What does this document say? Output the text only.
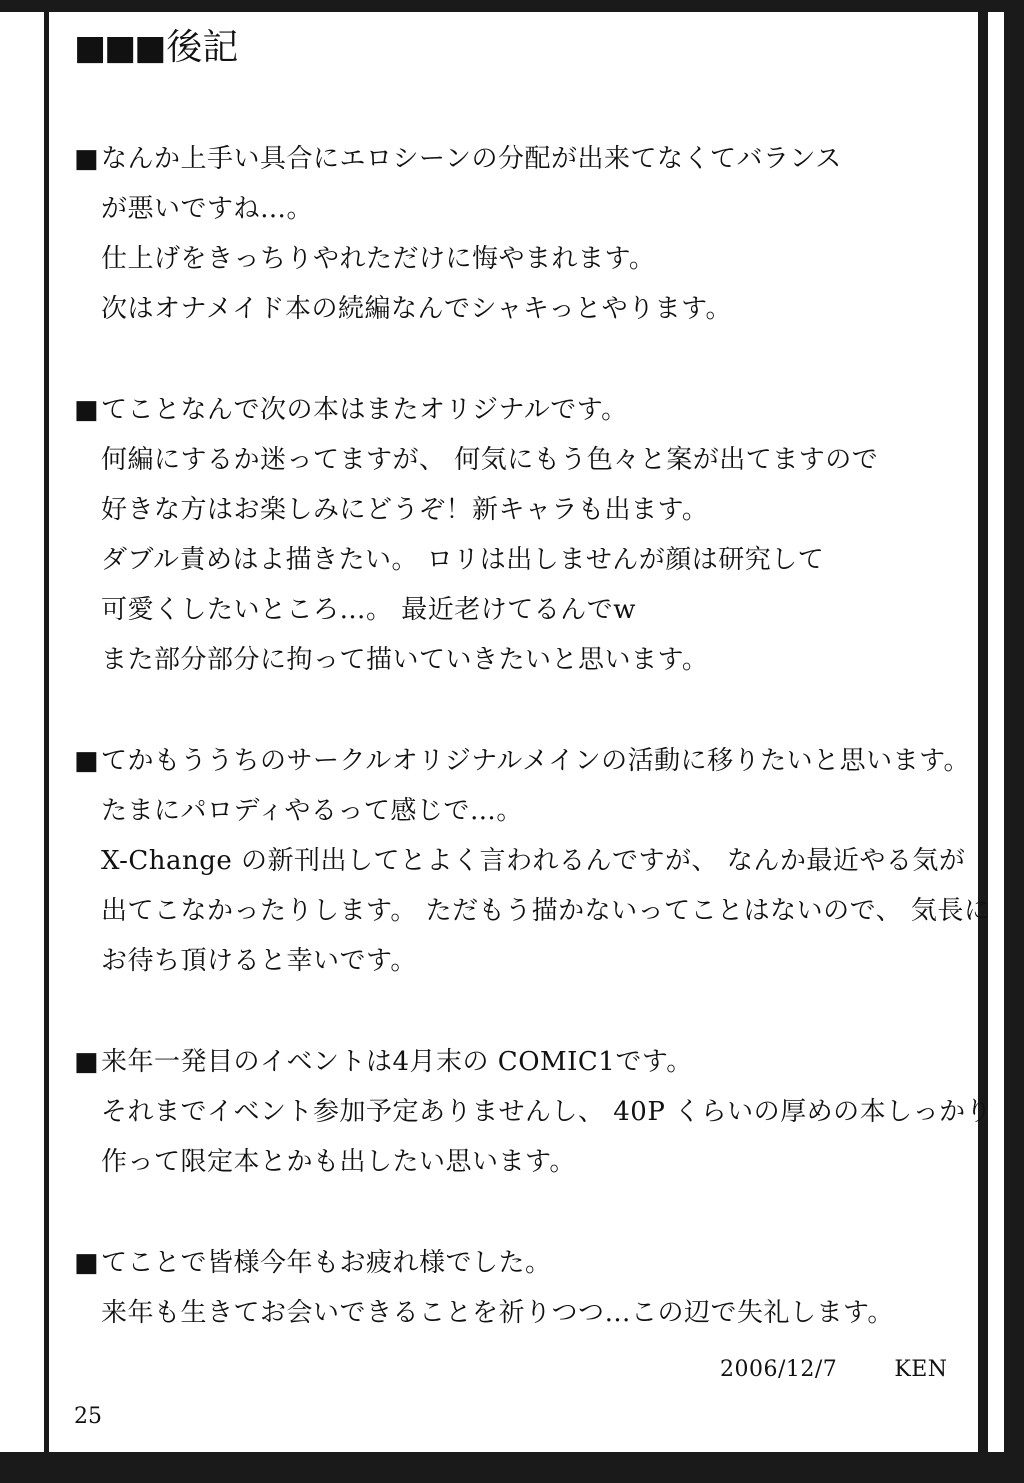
■■■ 後記
■ なんか上手い具合にエロシーンの分配が出来てなくてバランス
が悪いですね…。
仕上げをきっちりやれただけに悔やまれます。
次はオナメイド本の続編なんでシャキっとやります。
■ てことなんで次の本はまたオリジナルです。
何編にするか迷ってますが、 何気にもう色々と案が出てますので
好きな方はお楽しみにどうぞ！新キャラも出ます。
ダブル責めはよ描きたい。 ロリは出しませんが顔は研究して
可愛くしたいところ…。 最近老けてるんでw
また部分部分に拘って描いていきたいと思います。
■ てかもううちのサークルオリジナルメインの活動に移りたいと思います。
たまにパロディやるって感じで…。
X-Change の新刊出してとよく言われるんですが、 なんか最近やる気が
出てこなかったりします。 ただもう描かないってことはないので、 気長に
お待ち頂けると幸いです。
■ 来年一発目のイベントは4月末の COMIC1です。
それまでイベント参加予定ありませんし、 40P くらいの厚めの本しっかり
作って限定本とかも出したい思います。
■ てことで皆様今年もお疲れ様でした。
来年も生きてお会いできることを祈りつつ…この辺で失礼します。
2006/12/7	KEN
25
